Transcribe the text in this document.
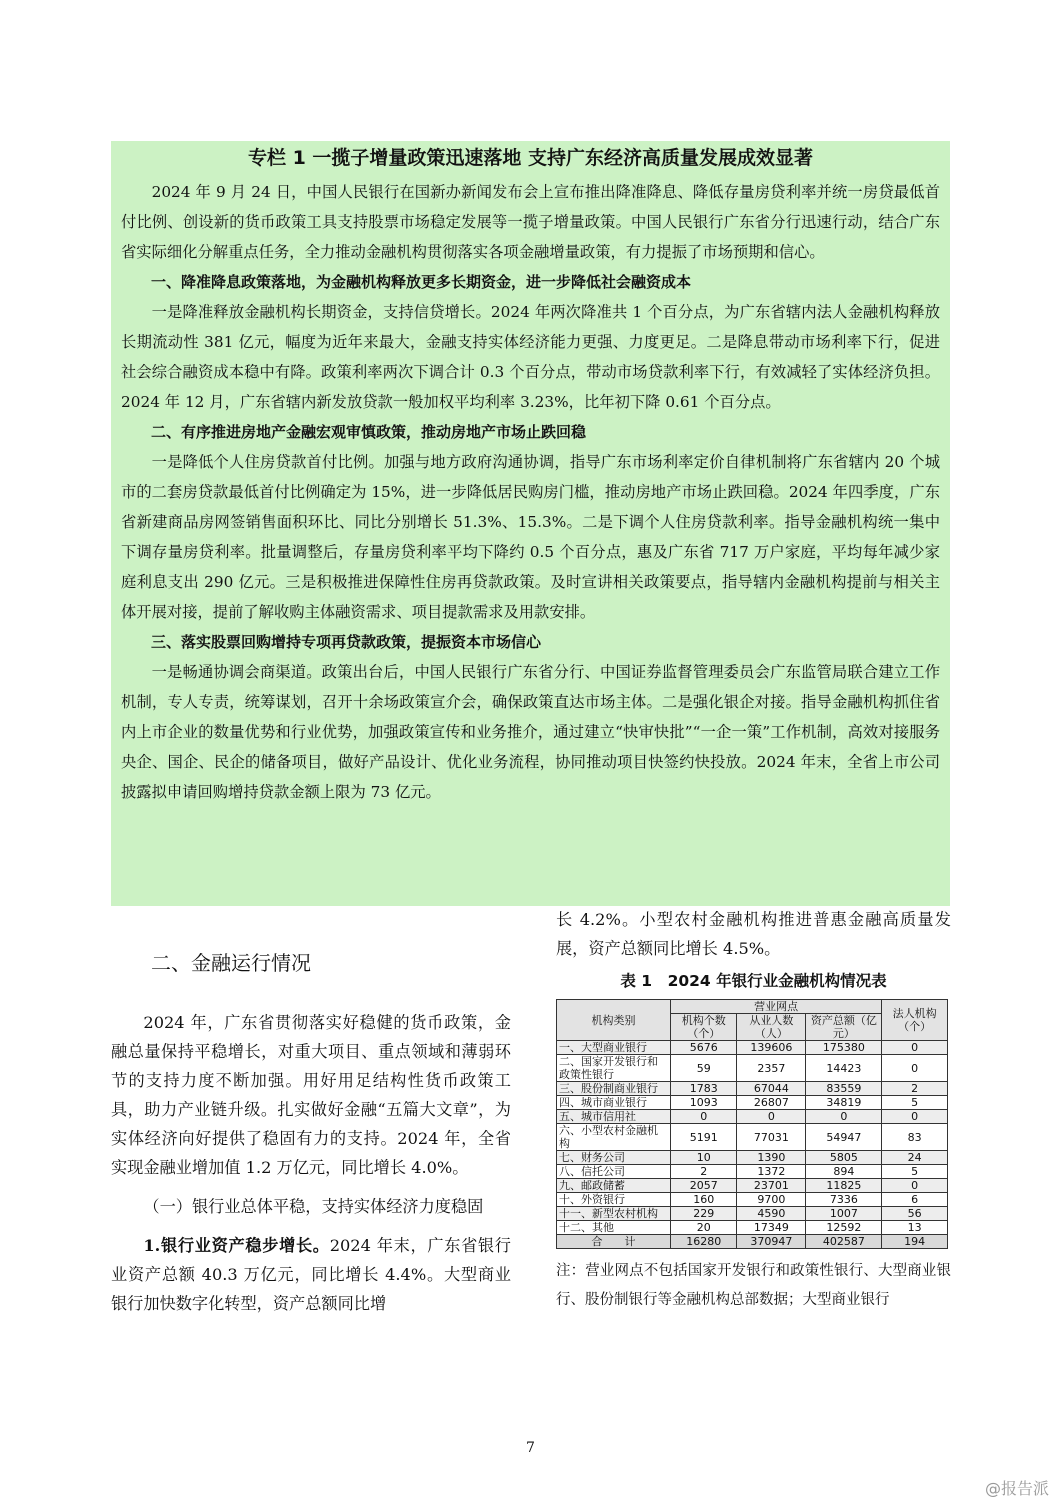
专栏 1 一揽子增量政策迅速落地 支持广东经济高质量发展成效显著

2024 年 9 月 24 日，中国人民银行在国新办新闻发布会上宣布推出降准降息、降低存量房贷利率并统一房贷最低首付比例、创设新的货币政策工具支持股票市场稳定发展等一揽子增量政策。中国人民银行广东省分行迅速行动，结合广东省实际细化分解重点任务，全力推动金融机构贯彻落实各项金融增量政策，有力提振了市场预期和信心。

一、降准降息政策落地，为金融机构释放更多长期资金，进一步降低社会融资成本

一是降准释放金融机构长期资金，支持信贷增长。2024 年两次降准共 1 个百分点，为广东省辖内法人金融机构释放长期流动性 381 亿元，幅度为近年来最大，金融支持实体经济能力更强、力度更足。二是降息带动市场利率下行，促进社会综合融资成本稳中有降。政策利率两次下调合计 0.3 个百分点，带动市场贷款利率下行，有效减轻了实体经济负担。2024 年 12 月，广东省辖内新发放贷款一般加权平均利率 3.23%，比年初下降 0.61 个百分点。

二、有序推进房地产金融宏观审慎政策，推动房地产市场止跌回稳

一是降低个人住房贷款首付比例。加强与地方政府沟通协调，指导广东市场利率定价自律机制将广东省辖内 20 个城市的二套房贷款最低首付比例确定为 15%，进一步降低居民购房门槛，推动房地产市场止跌回稳。2024 年四季度，广东省新建商品房网签销售面积环比、同比分别增长 51.3%、15.3%。二是下调个人住房贷款利率。指导金融机构统一集中下调存量房贷利率。批量调整后，存量房贷利率平均下降约 0.5 个百分点，惠及广东省 717 万户家庭，平均每年减少家庭利息支出 290 亿元。三是积极推进保障性住房再贷款政策。及时宣讲相关政策要点，指导辖内金融机构提前与相关主体开展对接，提前了解收购主体融资需求、项目提款需求及用款安排。

三、落实股票回购增持专项再贷款政策，提振资本市场信心

一是畅通协调会商渠道。政策出台后，中国人民银行广东省分行、中国证券监督管理委员会广东监管局联合建立工作机制，专人专责，统筹谋划，召开十余场政策宣介会，确保政策直达市场主体。二是强化银企对接。指导金融机构抓住省内上市企业的数量优势和行业优势，加强政策宣传和业务推介，通过建立“快审快批”“一企一策”工作机制，高效对接服务央企、国企、民企的储备项目，做好产品设计、优化业务流程，协同推动项目快签约快投放。2024 年末，全省上市公司披露拟申请回购增持贷款金额上限为 73 亿元。

二、金融运行情况

2024 年，广东省贯彻落实好稳健的货币政策，金融总量保持平稳增长，对重大项目、重点领域和薄弱环节的支持力度不断加强。用好用足结构性货币政策工具，助力产业链升级。扎实做好金融“五篇大文章”，为实体经济向好提供了稳固有力的支持。2024 年，全省实现金融业增加值 1.2 万亿元，同比增长 4.0%。

（一）银行业总体平稳，支持实体经济力度稳固

1.银行业资产稳步增长。2024 年末，广东省银行业资产总额 40.3 万亿元，同比增长 4.4%。大型商业银行加快数字化转型，资产总额同比增

长 4.2%。小型农村金融机构推进普惠金融高质量发展，资产总额同比增长 4.5%。

表 1　2024 年银行业金融机构情况表
机构类别	营业网点			法人机构（个）
	机构个数（个）	从业人数（人）	资产总额（亿元）	
一、大型商业银行	5676	139606	175380	0
二、国家开发银行和政策性银行	59	2357	14423	0
三、股份制商业银行	1783	67044	83559	2
四、城市商业银行	1093	26807	34819	5
五、城市信用社	0	0	0	0
六、小型农村金融机构	5191	77031	54947	83
七、财务公司	10	1390	5805	24
八、信托公司	2	1372	894	5
九、邮政储蓄	2057	23701	11825	0
十、外资银行	160	9700	7336	6
十一、新型农村机构	229	4590	1007	56
十二、其他	20	17349	12592	13
合　　计	16280	370947	402587	194

注：营业网点不包括国家开发银行和政策性银行、大型商业银行、股份制银行等金融机构总部数据；大型商业银行

7
@报告派
